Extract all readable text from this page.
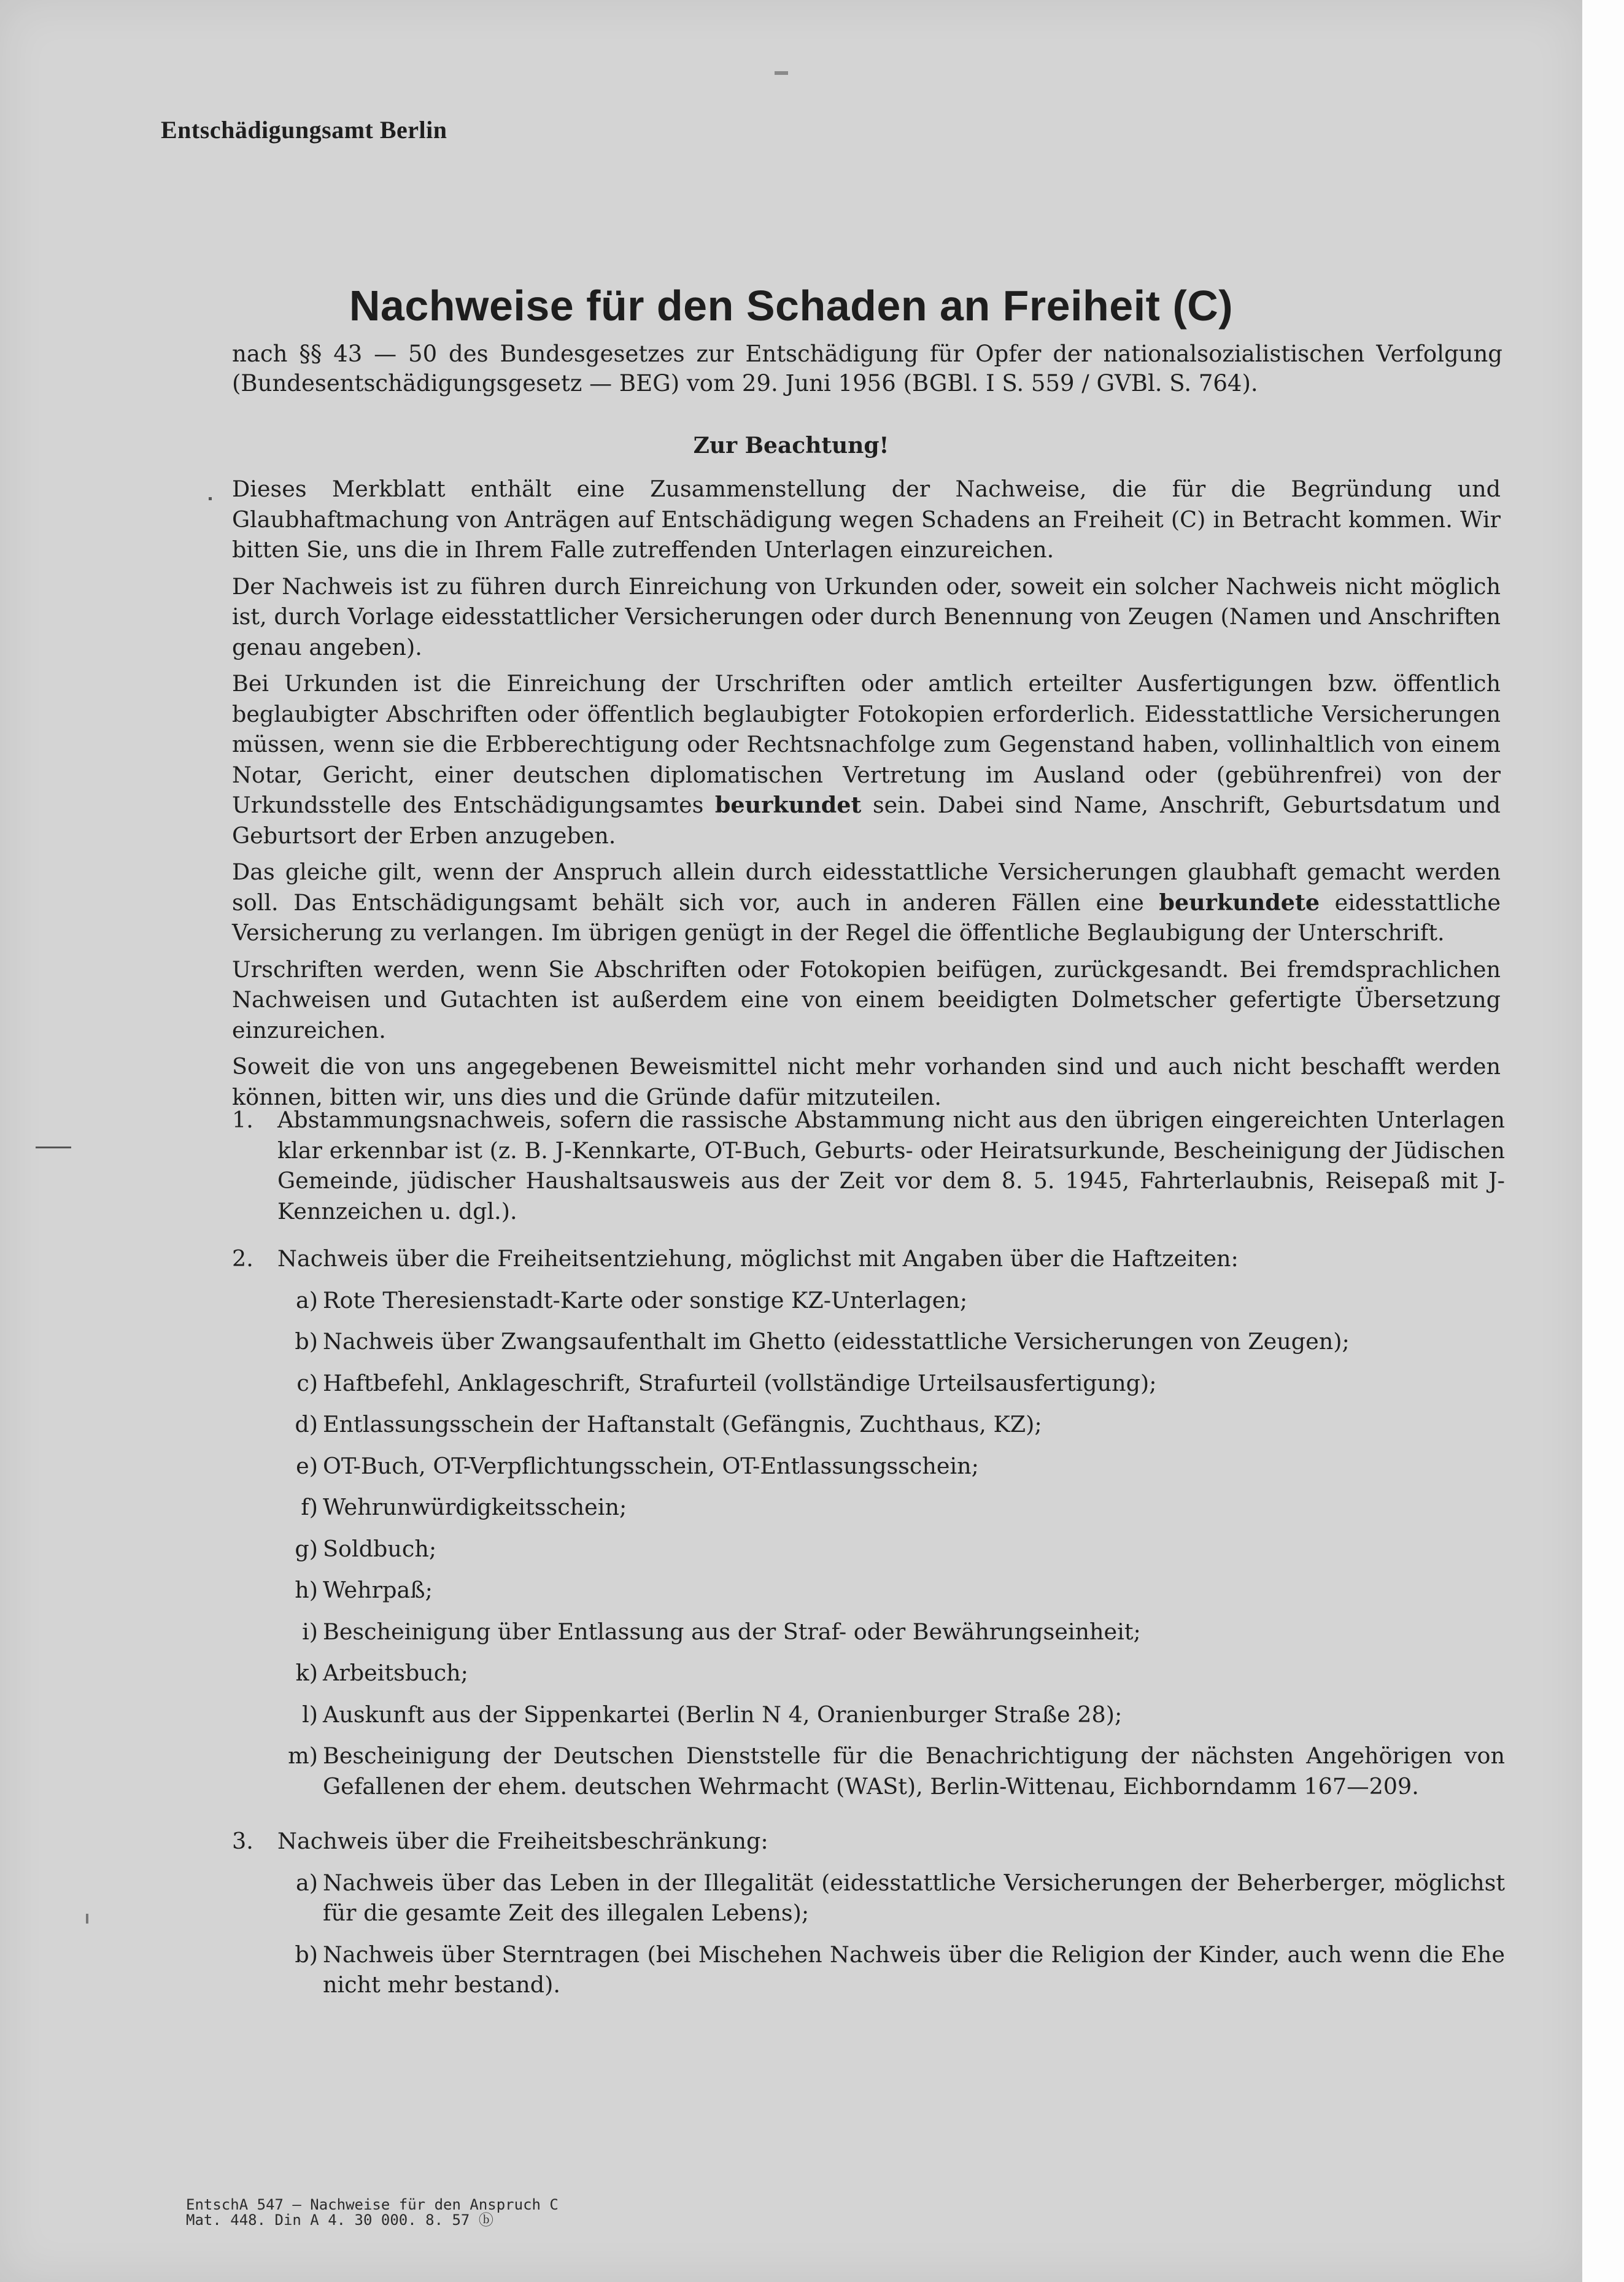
Entschädigungsamt Berlin
Nachweise für den Schaden an Freiheit (C)
nach §§ 43 — 50 des Bundesgesetzes zur Entschädigung für Opfer der nationalsozialistischen Verfolgung (Bundesentschädigungsgesetz — BEG) vom 29. Juni 1956 (BGBl. I S. 559 / GVBl. S. 764).
Zur Beachtung!

Dieses Merkblatt enthält eine Zusammenstellung der Nachweise, die für die Begründung und Glaubhaftmachung von Anträgen auf Entschädigung wegen Schadens an Freiheit (C) in Betracht kommen. Wir bitten Sie, uns die in Ihrem Falle zutreffenden Unterlagen einzureichen.

Der Nachweis ist zu führen durch Einreichung von Urkunden oder, soweit ein solcher Nachweis nicht möglich ist, durch Vorlage eidesstattlicher Versicherungen oder durch Benennung von Zeugen (Namen und Anschriften genau angeben).

Bei Urkunden ist die Einreichung der Urschriften oder amtlich erteilter Ausfertigungen bzw. öffentlich beglaubigter Abschriften oder öffentlich beglaubigter Fotokopien erforderlich. Eidesstattliche Versicherungen müssen, wenn sie die Erbberechtigung oder Rechtsnachfolge zum Gegenstand haben, vollinhaltlich von einem Notar, Gericht, einer deutschen diplomatischen Vertretung im Ausland oder (gebührenfrei) von der Urkundsstelle des Entschädigungsamtes beurkundet sein. Dabei sind Name, Anschrift, Geburtsdatum und Geburtsort der Erben anzugeben.

Das gleiche gilt, wenn der Anspruch allein durch eidesstattliche Versicherungen glaubhaft gemacht werden soll. Das Entschädigungsamt behält sich vor, auch in anderen Fällen eine beurkundete eidesstattliche Versicherung zu verlangen. Im übrigen genügt in der Regel die öffentliche Beglaubigung der Unterschrift.

Urschriften werden, wenn Sie Abschriften oder Fotokopien beifügen, zurückgesandt. Bei fremdsprachlichen Nachweisen und Gutachten ist außerdem eine von einem beeidigten Dolmetscher gefertigte Übersetzung einzureichen.

Soweit die von uns angegebenen Beweismittel nicht mehr vorhanden sind und auch nicht beschafft werden können, bitten wir, uns dies und die Gründe dafür mitzuteilen.

1. Abstammungsnachweis, sofern die rassische Abstammung nicht aus den übrigen eingereichten Unterlagen klar erkennbar ist (z. B. J-Kennkarte, OT-Buch, Geburts- oder Heiratsurkunde, Bescheinigung der Jüdischen Gemeinde, jüdischer Haushaltsausweis aus der Zeit vor dem 8. 5. 1945, Fahrterlaubnis, Reisepaß mit J-Kennzeichen u. dgl.).
2. Nachweis über die Freiheitsentziehung, möglichst mit Angaben über die Haftzeiten:
a) Rote Theresienstadt-Karte oder sonstige KZ-Unterlagen;
b) Nachweis über Zwangsaufenthalt im Ghetto (eidesstattliche Versicherungen von Zeugen);
c) Haftbefehl, Anklageschrift, Strafurteil (vollständige Urteilsausfertigung);
d) Entlassungsschein der Haftanstalt (Gefängnis, Zuchthaus, KZ);
e) OT-Buch, OT-Verpflichtungsschein, OT-Entlassungsschein;
f) Wehrunwürdigkeitsschein;
g) Soldbuch;
h) Wehrpaß;
i) Bescheinigung über Entlassung aus der Straf- oder Bewährungseinheit;
k) Arbeitsbuch;
l) Auskunft aus der Sippenkartei (Berlin N 4, Oranienburger Straße 28);
m) Bescheinigung der Deutschen Dienststelle für die Benachrichtigung der nächsten Angehörigen von Gefallenen der ehem. deutschen Wehrmacht (WASt), Berlin-Wittenau, Eichborndamm 167—209.
3. Nachweis über die Freiheitsbeschränkung:
a) Nachweis über das Leben in der Illegalität (eidesstattliche Versicherungen der Beherberger, möglichst für die gesamte Zeit des illegalen Lebens);
b) Nachweis über Sterntragen (bei Mischehen Nachweis über die Religion der Kinder, auch wenn die Ehe nicht mehr bestand).
EntschA 547 — Nachweise für den Anspruch C
Mat. 448. Din A 4. 30 000. 8. 57 ⓑ
